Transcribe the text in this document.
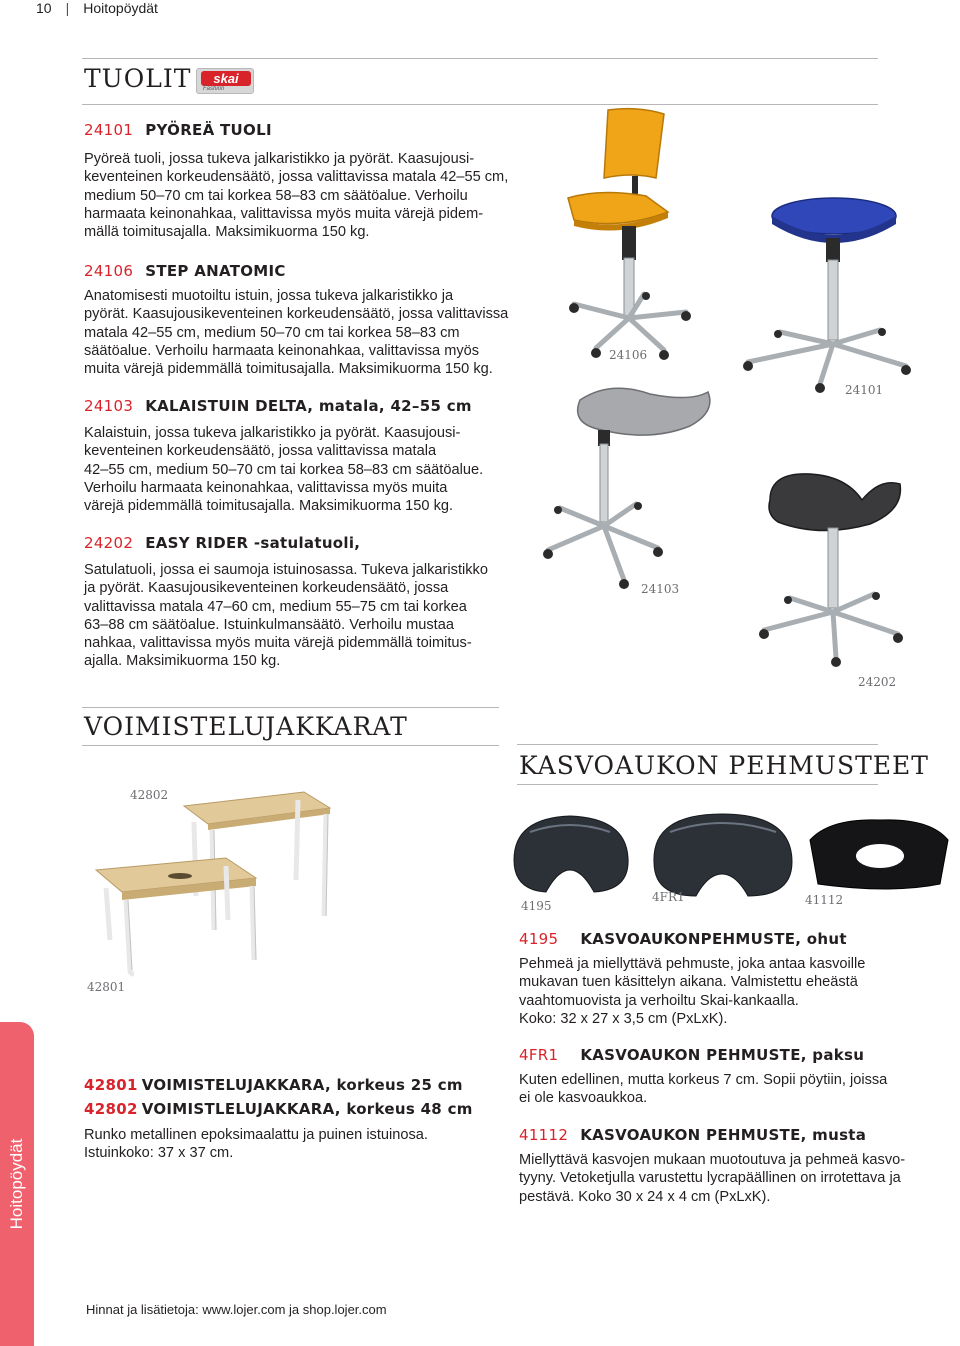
10 | Hoitopöydät
TUOLIT	skai
Fashion
24101 PYÖREÄ TUOLI
Pyöreä tuoli, jossa tukeva jalkaristikko ja pyörät. Kaasujousi-
keventeinen korkeudensäätö, jossa valittavissa matala 42–55 cm,
medium 50–70 cm tai korkea 58–83 cm säätöalue. Verhoilu
harmaata keinonahkaa, valittavissa myös muita värejä pidem-
mällä toimitusajalla. Maksimikuorma 150 kg.
24106 STEP ANATOMIC
Anatomisesti muotoiltu istuin, jossa tukeva jalkaristikko ja
pyörät. Kaasujousikeventeinen korkeudensäätö, jossa valittavissa
matala 42–55 cm, medium 50–70 cm tai korkea 58–83 cm
säätöalue. Verhoilu harmaata keinonahkaa, valittavissa myös
muita värejä pidemmällä toimitusajalla. Maksimikuorma 150 kg.
24103 KALAISTUIN DELTA, matala, 42–55 cm
Kalaistuin, jossa tukeva jalkaristikko ja pyörät. Kaasujousi-
keventeinen korkeudensäätö, jossa valittavissa matala
42–55 cm, medium 50–70 cm tai korkea 58–83 cm säätöalue.
Verhoilu harmaata keinonahkaa, valittavissa myös muita
värejä pidemmällä toimitusajalla. Maksimikuorma 150 kg.
24202 EASY RIDER -satulatuoli,
Satulatuoli, jossa ei saumoja istuinosassa. Tukeva jalkaristikko
ja pyörät. Kaasujousikeventeinen korkeudensäätö, jossa
valittavissa matala 47–60 cm, medium 55–75 cm tai korkea
63–88 cm säätöalue. Istuinkulmansäätö. Verhoilu mustaa
nahkaa, valittavissa myös muita värejä pidemmällä toimitus-
ajalla. Maksimikuorma 150 kg.
24106
24101
24103
24202
VOIMISTELUJAKKARAT
42802
42801
42801 VOIMISTELUJAKKARA, korkeus 25 cm
42802 VOIMISTLELUJAKKARA, korkeus 48 cm
Runko metallinen epoksimaalattu ja puinen istuinosa.
Istuinkoko: 37 x 37 cm.
KASVOAUKON PEHMUSTEET
4195
4FR1	41112
4195 KASVOAUKONPEHMUSTE, ohut
Pehmeä ja miellyttävä pehmuste, joka antaa kasvoille
mukavan tuen käsittelyn aikana. Valmistettu eheästä
vaahtomuovista ja verhoiltu Skai-kankaalla.
Koko: 32 x 27 x 3,5 cm (PxLxK).
4FR1 KASVOAUKON PEHMUSTE, paksu
Kuten edellinen, mutta korkeus 7 cm. Sopii pöytiin, joissa
ei ole kasvoaukkoa.
41112 KASVOAUKON PEHMUSTE, musta
Miellyttävä kasvojen mukaan muotoutuva ja pehmeä kasvo-
tyyny. Vetoketjulla varustettu lycrapäällinen on irrotettava ja
pestävä. Koko 30 x 24 x 4 cm (PxLxK).
Hoitopöydät
Hinnat ja lisätietoja: www.lojer.com ja shop.lojer.com
